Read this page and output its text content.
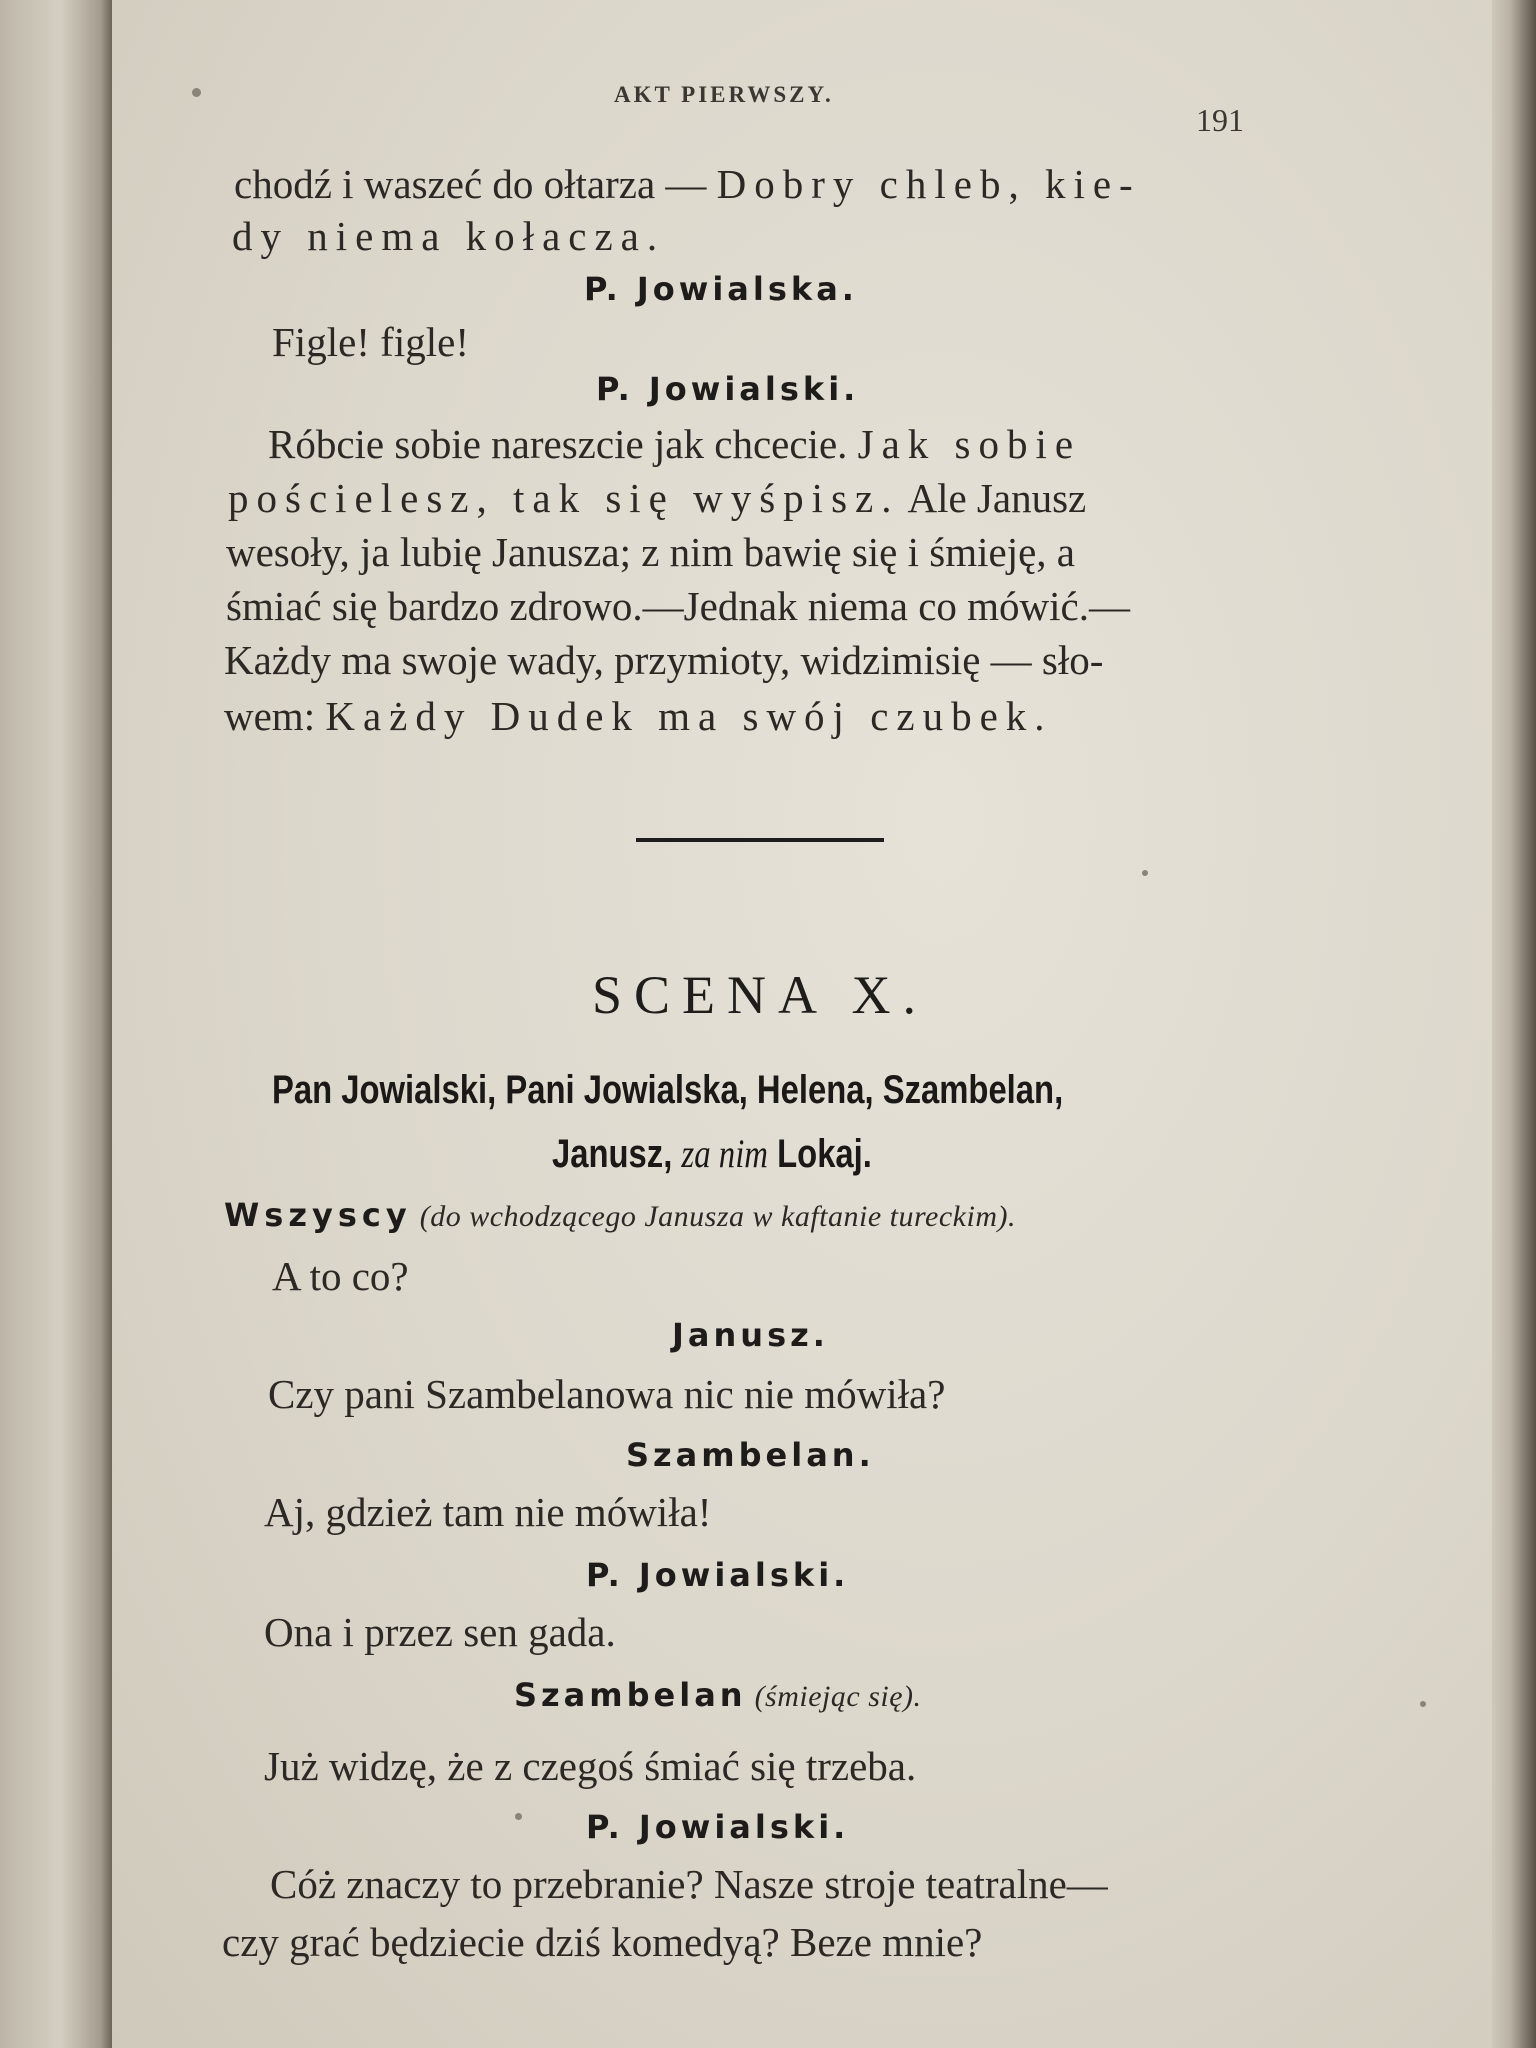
AKT PIERWSZY.

191

chodź i waszeć do ołtarza — Dobry chleb, kie-

dy niema kołacza.

P. Jowialska.

Figle! figle!

P. Jowialski.

Róbcie sobie nareszcie jak chcecie. Jak sobie

pościelesz, tak się wyśpisz. Ale Janusz

wesoły, ja lubię Janusza; z nim bawię się i śmieję, a

śmiać się bardzo zdrowo.—Jednak niema co mówić.—

Każdy ma swoje wady, przymioty, widzimisię — sło-

wem: Każdy Dudek ma swój czubek.

SCENA X.

Pan Jowialski, Pani Jowialska, Helena, Szambelan,

Janusz, za nim Lokaj.

Wszyscy (do wchodzącego Janusza w kaftanie tureckim).

A to co?

Janusz.

Czy pani Szambelanowa nic nie mówiła?

Szambelan.

Aj, gdzież tam nie mówiła!

P. Jowialski.

Ona i przez sen gada.

Szambelan (śmiejąc się).

Już widzę, że z czegoś śmiać się trzeba.

P. Jowialski.

Cóż znaczy to przebranie? Nasze stroje teatralne—

czy grać będziecie dziś komedyą? Beze mnie?
